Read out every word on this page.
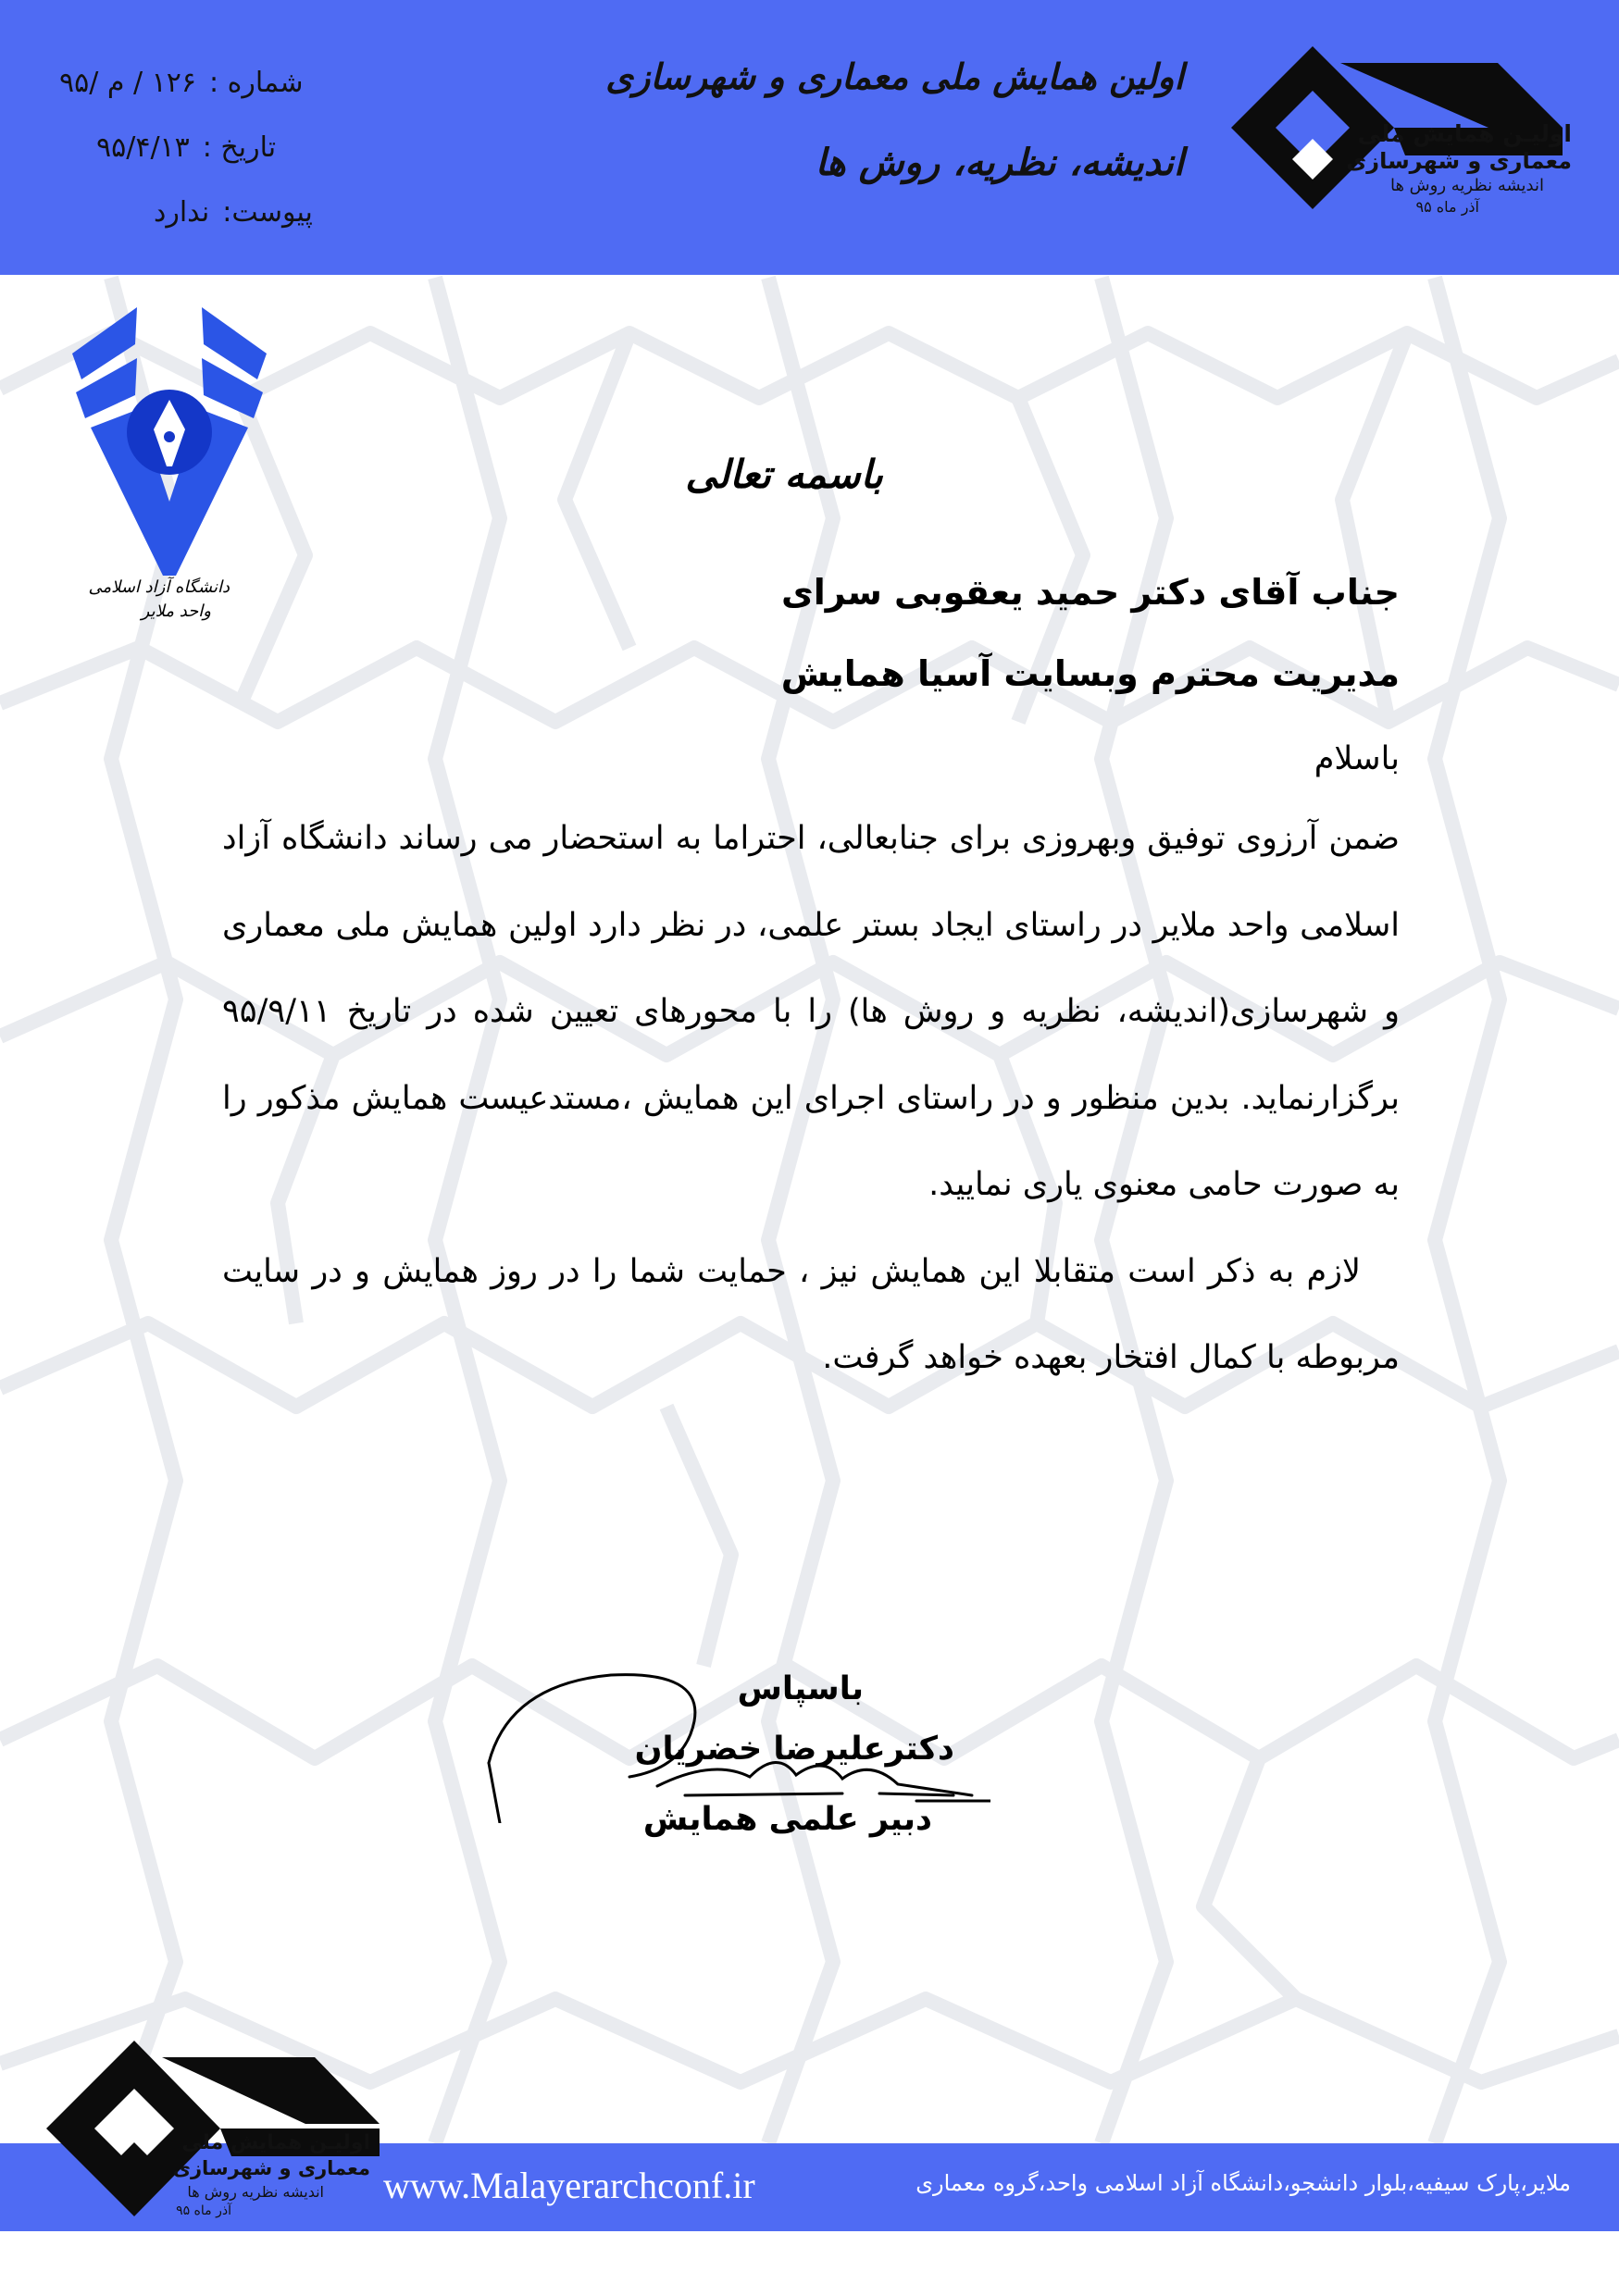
اولیـن همایش ملی
معماری و شهرسازی
اندیشه نظریه روش ها
آذر ماه ۹۵
اولین همایش ملی معماری و شهرسازی
اندیشه، نظریه، روش ها
شماره :۱۲۶ / م /۹۵
تاریخ :۹۵/۴/۱۳
پیوست:ندارد
دانشگاه آزاد اسلامی
واحد ملایر
باسمه تعالی
جناب آقای دکتر حمید یعقوبی سرای
مدیریت محترم وبسایت آسیا همایش
باسلام

ضمن آرزوی توفیق وبهروزی برای جنابعالی، احتراما به استحضار می رساند دانشگاه آزاد اسلامی واحد ملایر در راستای ایجاد بستر علمی، در نظر دارد اولین همایش ملی معماری و شهرسازی(اندیشه، نظریه و روش ها) را با محورهای تعیین شده در تاریخ ۹۵/۹/۱۱ برگزارنماید. بدین منظور و در راستای اجرای این همایش ،مستدعیست همایش مذکور را به صورت حامی معنوی یاری نمایید.

لازم به ذکر است متقابلا این همایش نیز ، حمایت شما را در روز همایش و در سایت مربوطه با کمال افتخار بعهده خواهد گرفت.

باسپاس
دکترعلیرضا خضریان
دبیر علمی همایش
اولیـن همایش ملی
معماری و شهرسازی
اندیشه نظریه روش ها
آذر ماه ۹۵
www.Malayerarchconf.ir	ملایر،پارک سیفیه،بلوار دانشجو،دانشگاه آزاد اسلامی واحد،گروه معماری
